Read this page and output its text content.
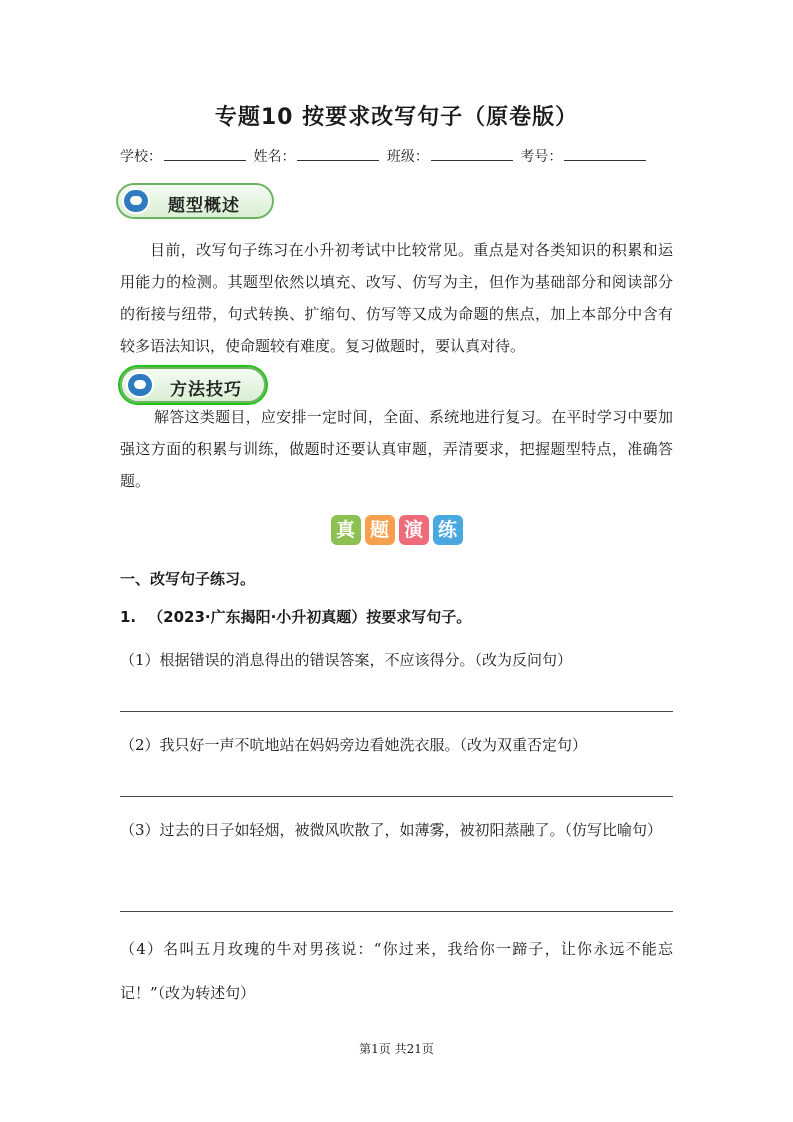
专题10 按要求改写句子（原卷版）
学校：	姓名：	班级：	考号：
题型概述
目前，改写句子练习在小升初考试中比较常见。重点是对各类知识的积累和运用能力的检测。其题型依然以填充、改写、仿写为主，但作为基础部分和阅读部分的衔接与纽带，句式转换、扩缩句、仿写等又成为命题的焦点，加上本部分中含有较多语法知识，使命题较有难度。复习做题时，要认真对待。
方法技巧
解答这类题目，应安排一定时间，全面、系统地进行复习。在平时学习中要加强这方面的积累与训练，做题时还要认真审题，弄清要求，把握题型特点，准确答题。
真 题 演 练
一、改写句子练习。
1. （2023·广东揭阳·小升初真题）按要求写句子。
（1）根据错误的消息得出的错误答案，不应该得分。（改为反问句）
（2）我只好一声不吭地站在妈妈旁边看她洗衣服。（改为双重否定句）
（3）过去的日子如轻烟，被微风吹散了，如薄雾，被初阳蒸融了。（仿写比喻句）
（4）名叫五月玫瑰的牛对男孩说：“你过来，我给你一蹄子，让你永远不能忘记！”（改为转述句）
第1页 共21页
